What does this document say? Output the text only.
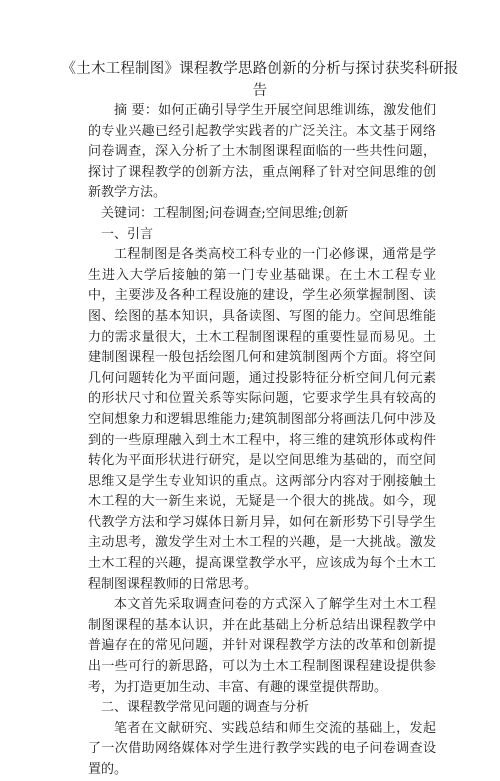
《土木工程制图》课程教学思路创新的分析与探讨获奖科研报告

摘 要：如何正确引导学生开展空间思维训练，激发他们的专业兴趣已经引起教学实践者的广泛关注。本文基于网络问卷调查，深入分析了土木制图课程面临的一些共性问题，探讨了课程教学的创新方法，重点阐释了针对空间思维的创新教学方法。

关键词：工程制图;问卷调查;空间思维;创新

一、引言

工程制图是各类高校工科专业的一门必修课，通常是学生进入大学后接触的第一门专业基础课。在土木工程专业中，主要涉及各种工程设施的建设，学生必须掌握制图、读图、绘图的基本知识，具备读图、写图的能力。空间思维能力的需求量很大，土木工程制图课程的重要性显而易见。土建制图课程一般包括绘图几何和建筑制图两个方面。将空间几何问题转化为平面问题，通过投影特征分析空间几何元素的形状尺寸和位置关系等实际问题，它要求学生具有较高的空间想象力和逻辑思维能力;建筑制图部分将画法几何中涉及到的一些原理融入到土木工程中，将三维的建筑形体或构件转化为平面形状进行研究，是以空间思维为基础的，而空间思维又是学生专业知识的重点。这两部分内容对于刚接触土木工程的大一新生来说，无疑是一个很大的挑战。如今，现代教学方法和学习媒体日新月异，如何在新形势下引导学生主动思考，激发学生对土木工程的兴趣，是一大挑战。激发土木工程的兴趣，提高课堂教学水平，应该成为每个土木工程制图课程教师的日常思考。

本文首先采取调查问卷的方式深入了解学生对土木工程制图课程的基本认识，并在此基础上分析总结出课程教学中普遍存在的常见问题，并针对课程教学方法的改革和创新提出一些可行的新思路，可以为土木工程制图课程建设提供参考，为打造更加生动、丰富、有趣的课堂提供帮助。

二、课程教学常见问题的调查与分析

笔者在文献研究、实践总结和师生交流的基础上，发起了一次借助网络媒体对学生进行教学实践的电子问卷调查设置的。
